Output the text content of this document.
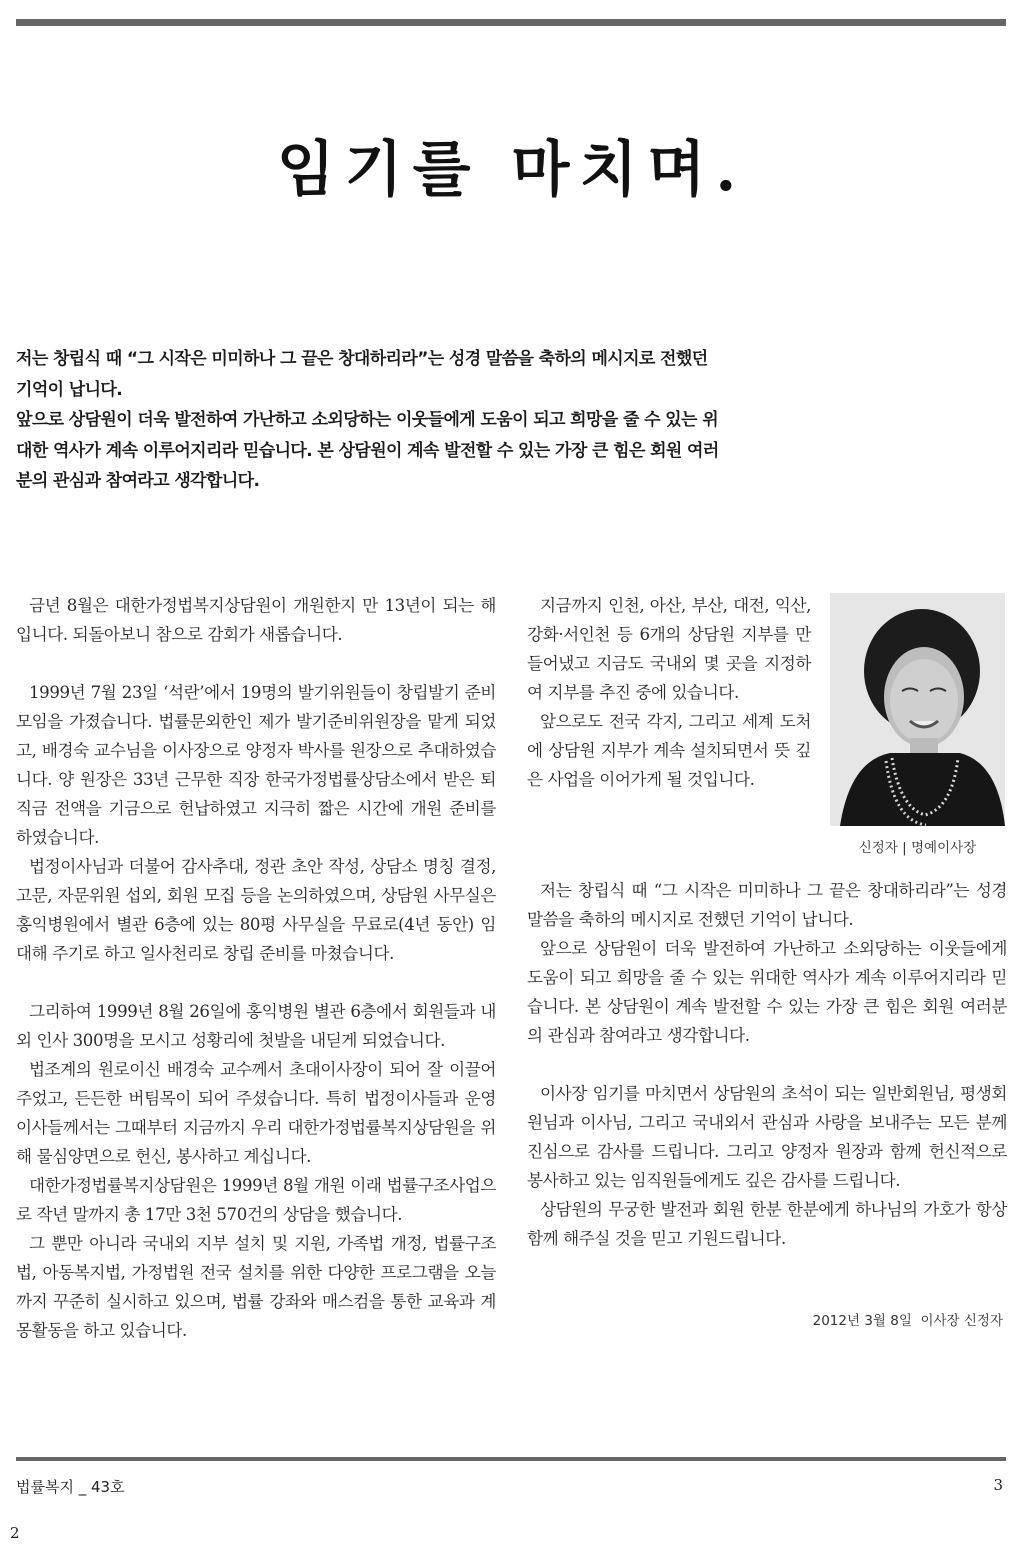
임기를 마치며.

저는 창립식 때 “그 시작은 미미하나 그 끝은 창대하리라”는 성경 말씀을 축하의 메시지로 전했던 기억이 납니다.

앞으로 상담원이 더욱 발전하여 가난하고 소외당하는 이웃들에게 도움이 되고 희망을 줄 수 있는 위대한 역사가 계속 이루어지리라 믿습니다. 본 상담원이 계속 발전할 수 있는 가장 큰 힘은 회원 여러분의 관심과 참여라고 생각합니다.

금년 8월은 대한가정법복지상담원이 개원한지 만 13년이 되는 해입니다. 되돌아보니 참으로 감회가 새롭습니다.

1999년 7월 23일 ‘석란’에서 19명의 발기위원들이 창립발기 준비모임을 가졌습니다. 법률문외한인 제가 발기준비위원장을 맡게 되었고, 배경숙 교수님을 이사장으로 양정자 박사를 원장으로 추대하였습니다. 양 원장은 33년 근무한 직장 한국가정법률상담소에서 받은 퇴직금 전액을 기금으로 헌납하였고 지극히 짧은 시간에 개원 준비를 하였습니다.

법정이사님과 더불어 감사추대, 정관 초안 작성, 상담소 명칭 결정, 고문, 자문위원 섭외, 회원 모집 등을 논의하였으며, 상담원 사무실은 홍익병원에서 별관 6층에 있는 80평 사무실을 무료로(4년 동안) 임대해 주기로 하고 일사천리로 창립 준비를 마쳤습니다.

그리하여 1999년 8월 26일에 홍익병원 별관 6층에서 회원들과 내외 인사 300명을 모시고 성황리에 첫발을 내딛게 되었습니다.

법조계의 원로이신 배경숙 교수께서 초대이사장이 되어 잘 이끌어 주었고, 든든한 버팀목이 되어 주셨습니다. 특히 법정이사들과 운영이사들께서는 그때부터 지금까지 우리 대한가정법률복지상담원을 위해 물심양면으로 헌신, 봉사하고 계십니다.

대한가정법률복지상담원은 1999년 8월 개원 이래 법률구조사업으로 작년 말까지 총 17만 3천 570건의 상담을 했습니다.

그 뿐만 아니라 국내외 지부 설치 및 지원, 가족법 개정, 법률구조법, 아동복지법, 가정법원 전국 설치를 위한 다양한 프로그램을 오늘까지 꾸준히 실시하고 있으며, 법률 강좌와 매스컴을 통한 교육과 계몽활동을 하고 있습니다.

지금까지 인천, 아산, 부산, 대전, 익산, 강화·서인천 등 6개의 상담원 지부를 만들어냈고 지금도 국내외 몇 곳을 지정하여 지부를 추진 중에 있습니다.

앞으로도 전국 각지, 그리고 세계 도처에 상담원 지부가 계속 설치되면서 뜻 깊은 사업을 이어가게 될 것입니다.

신정자 | 명예이사장

저는 창립식 때 “그 시작은 미미하나 그 끝은 창대하리라”는 성경 말씀을 축하의 메시지로 전했던 기억이 납니다.

앞으로 상담원이 더욱 발전하여 가난하고 소외당하는 이웃들에게 도움이 되고 희망을 줄 수 있는 위대한 역사가 계속 이루어지리라 믿습니다. 본 상담원이 계속 발전할 수 있는 가장 큰 힘은 회원 여러분의 관심과 참여라고 생각합니다.

이사장 임기를 마치면서 상담원의 초석이 되는 일반회원님, 평생회원님과 이사님, 그리고 국내외서 관심과 사랑을 보내주는 모든 분께 진심으로 감사를 드립니다. 그리고 양정자 원장과 함께 헌신적으로 봉사하고 있는 임직원들에게도 깊은 감사를 드립니다.

상담원의 무궁한 발전과 회원 한분 한분에게 하나님의 가호가 항상 함께 해주실 것을 믿고 기원드립니다.

2012년 3월 8일  이사장 신정자
법률복지 _ 43호	3
2
